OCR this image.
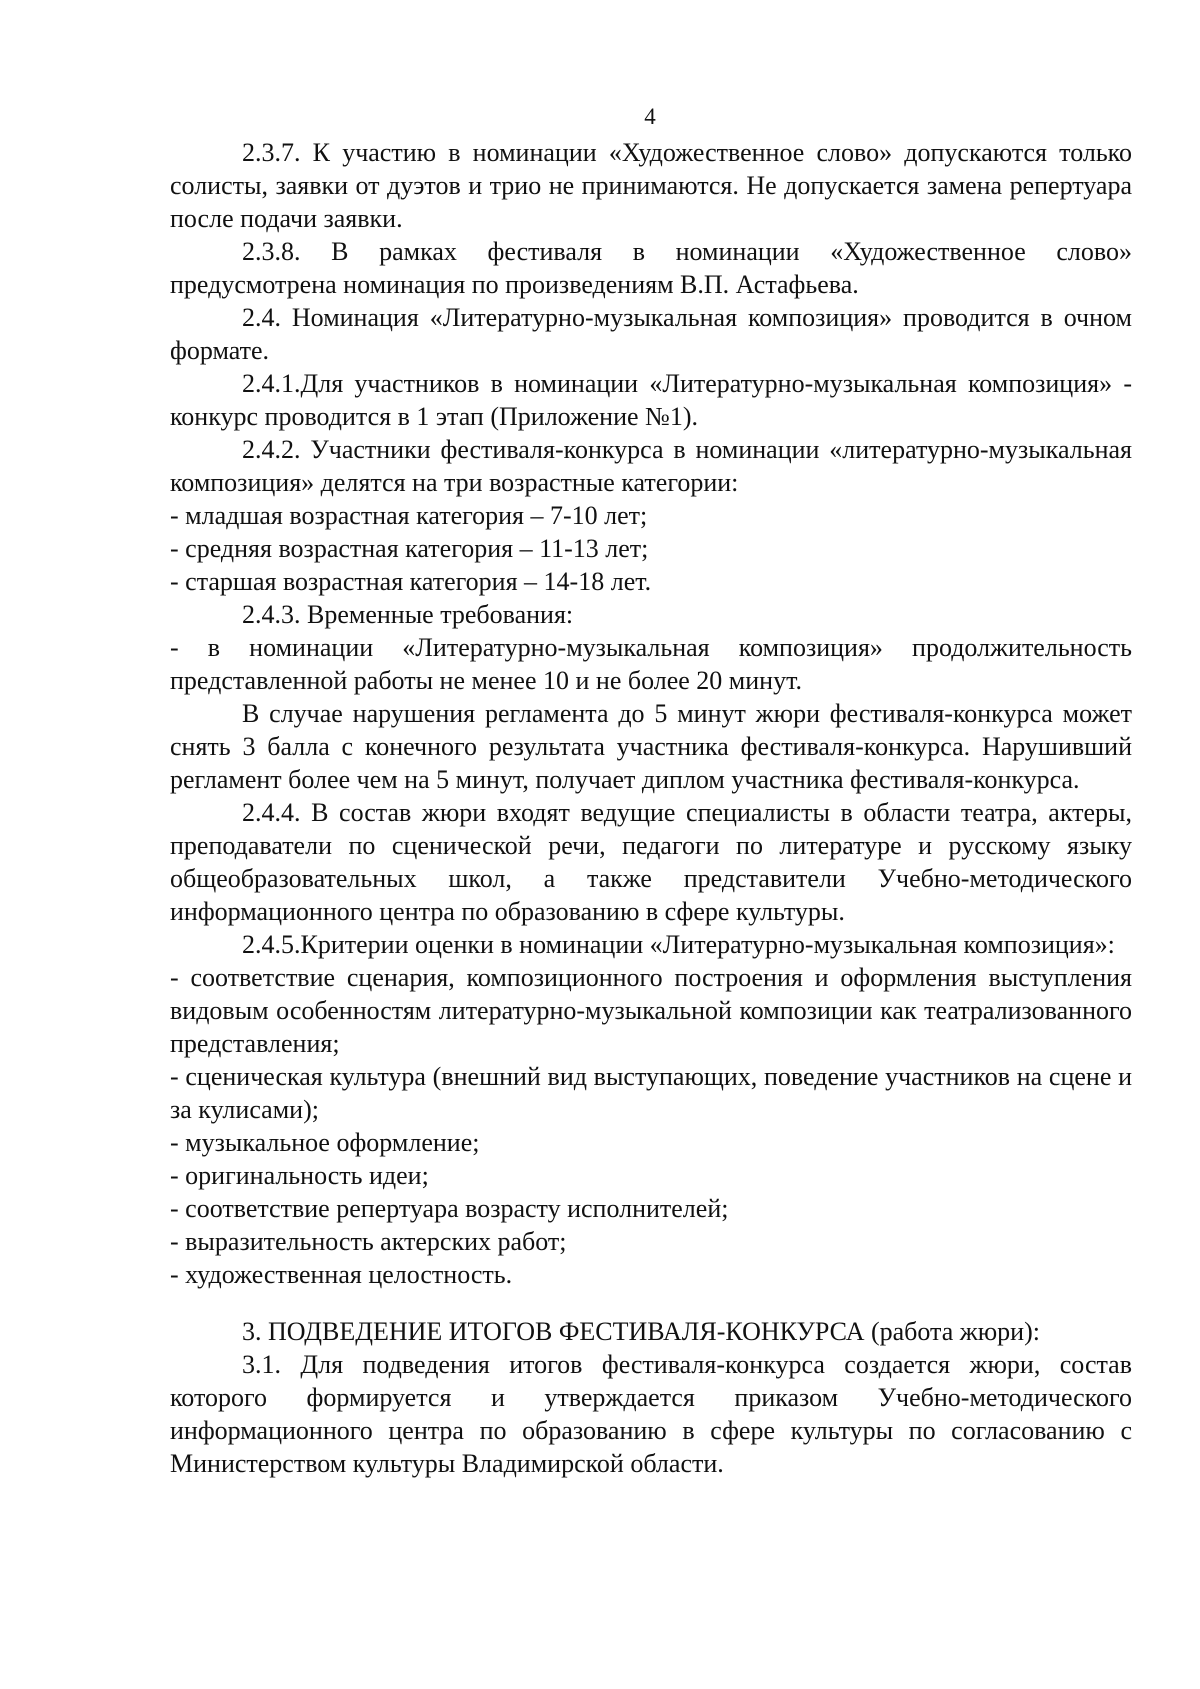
4

2.3.7. К участию в номинации «Художественное слово» допускаются только солисты, заявки от дуэтов и трио не принимаются. Не допускается замена репертуара после подачи заявки.

2.3.8. В рамках фестиваля в номинации «Художественное слово» предусмотрена номинация по произведениям В.П. Астафьева.

2.4. Номинация «Литературно-музыкальная композиция» проводится в очном формате.

2.4.1.Для участников в номинации «Литературно-музыкальная композиция» - конкурс проводится в 1 этап (Приложение №1).

2.4.2. Участники фестиваля-конкурса в номинации «литературно-музыкальная композиция» делятся на три возрастные категории:

- младшая возрастная категория – 7-10 лет;

- средняя возрастная категория – 11-13 лет;

- старшая возрастная категория – 14-18 лет.

2.4.3. Временные требования:

- в номинации «Литературно-музыкальная композиция» продолжительность представленной работы не менее 10 и не более 20 минут.

В случае нарушения регламента до 5 минут жюри фестиваля-конкурса может снять 3 балла с конечного результата участника фестиваля-конкурса. Нарушивший регламент более чем на 5 минут, получает диплом участника фестиваля-конкурса.

2.4.4. В состав жюри входят ведущие специалисты в области театра, актеры, преподаватели по сценической речи, педагоги по литературе и русскому языку общеобразовательных школ, а также представители Учебно-методического информационного центра по образованию в сфере культуры.

2.4.5.Критерии оценки в номинации «Литературно-музыкальная композиция»:

- соответствие сценария, композиционного построения и оформления выступления видовым особенностям литературно-музыкальной композиции как театрализованного представления;

- сценическая культура (внешний вид выступающих, поведение участников на сцене и за кулисами);

- музыкальное оформление;

- оригинальность идеи;

- соответствие репертуара возрасту исполнителей;

- выразительность актерских работ;

- художественная целостность.

3. ПОДВЕДЕНИЕ ИТОГОВ ФЕСТИВАЛЯ-КОНКУРСА (работа жюри):

3.1. Для подведения итогов фестиваля-конкурса создается жюри, состав которого формируется и утверждается приказом Учебно-методического информационного центра по образованию в сфере культуры по согласованию с Министерством культуры Владимирской области.
